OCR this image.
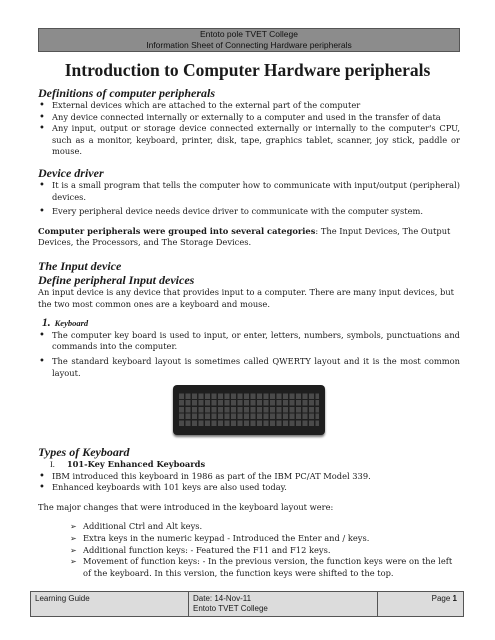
Entoto pole TVET College
Information Sheet of Connecting Hardware peripherals
Introduction to Computer Hardware peripherals
Definitions of computer peripherals
• External devices which are attached to the external part of the computer
• Any device connected internally or externally to a computer and used in the transfer of data
• Any input, output or storage device connected externally or internally to the computer's CPU, such as a monitor, keyboard, printer, disk, tape, graphics tablet, scanner, joy stick, paddle or mouse.
Device driver
• It is a small program that tells the computer how to communicate with input/output (peripheral) devices.
• Every peripheral device needs device driver to communicate with the computer system.

Computer peripherals were grouped into several categories: The Input Devices, The Output Devices, the Processors, and The Storage Devices.

The Input device
Define peripheral Input devices

An input device is any device that provides input to a computer. There are many input devices, but the two most common ones are a keyboard and mouse.

1. Keyboard
• The computer key board is used to input, or enter, letters, numbers, symbols, punctuations and commands into the computer.
• The standard keyboard layout is sometimes called QWERTY layout and it is the most common layout.
Types of Keyboard
I. 101-Key Enhanced Keyboards
• IBM introduced this keyboard in 1986 as part of the IBM PC/AT Model 339.
• Enhanced keyboards with 101 keys are also used today.

The major changes that were introduced in the keyboard layout were:

➢ Additional Ctrl and Alt keys.
➢ Extra keys in the numeric keypad - Introduced the Enter and / keys.
➢ Additional function keys: - Featured the F11 and F12 keys.
➢ Movement of function keys: - In the previous version, the function keys were on the left of the keyboard. In this version, the function keys were shifted to the top.
Learning Guide	Date: 14-Nov-11
Entoto TVET College
Page 1
